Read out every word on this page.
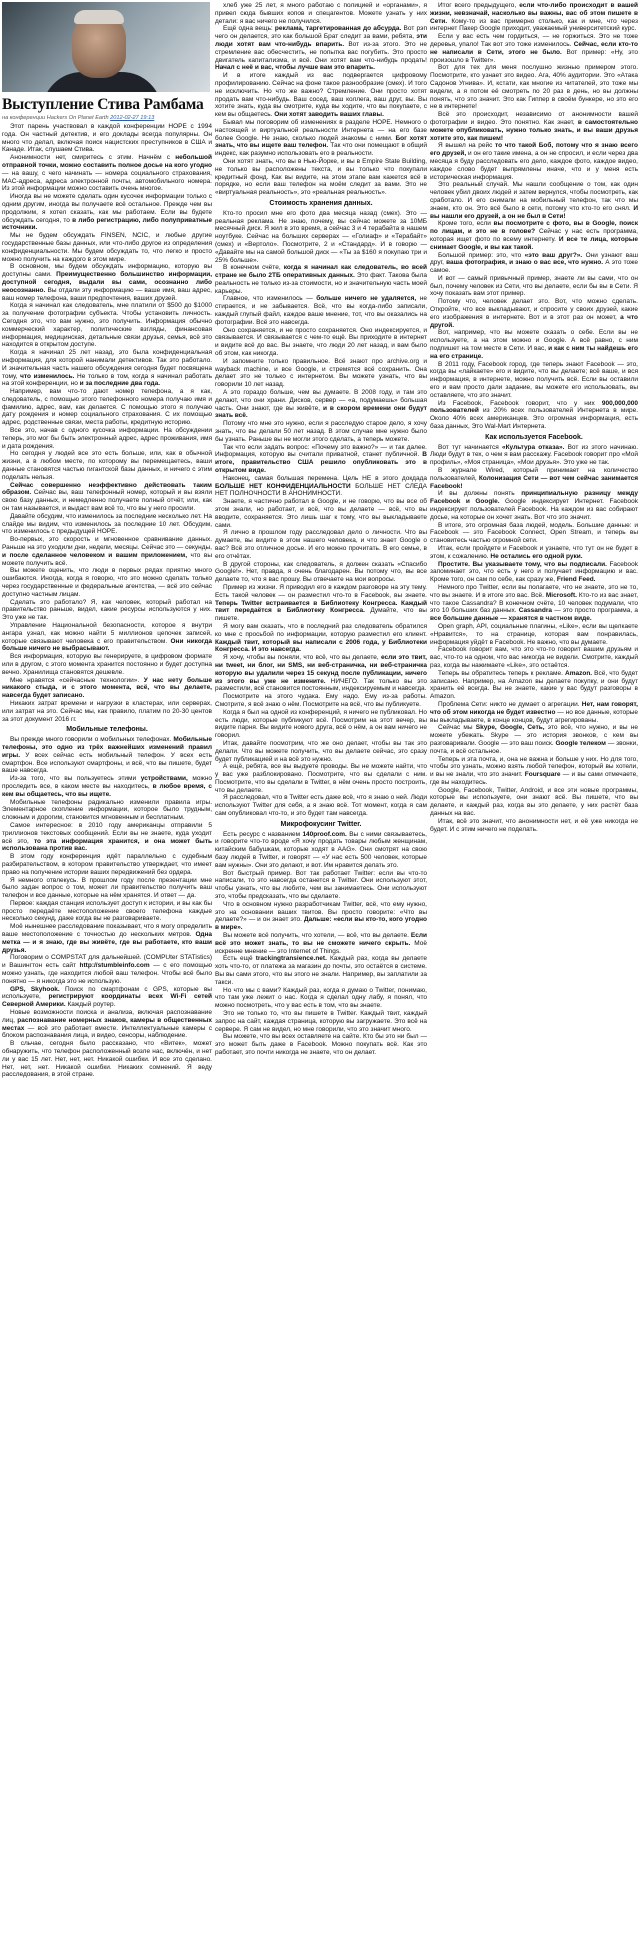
Выступление Стива Рамбама
на конференции Hackers On Planet Earth 2012-02-27 19:13

Этот парень участвовал в каждой конференции HOPE с 1994 года. Он частный детектив, и его доклады всегда популярны. Он много что делал, включая поиск нацистских преступников в США и Канаде. Итак, слушаем Стива.

Анонимности нет, смиритесь с этим. Начнём с небольшой отправной точки, можно составить полное досье на кого угодно — на вашу, с чего начинать — номера социального страхования, MAC-адреса, адреса электронной почты, автомобильного номера. Из этой информации можно составить очень многое.

Иногда вы не можете сделать один кусочек информации только с одним другим, иногда вы получаете всё остальное. Прежде чем вы продолжим, я хотел сказать, как мы работаем. Если вы будете обсуждать сегодня, то в либо регистрацию, либо полуприватные источники.

Мы не будем обсуждать FINSEN, NCIC, и любые другие государственные базы данных, или что-либо другое из определения конфиденциальности. Мы будем обсуждать то, что легко и просто можно получить на каждого в этом мире.

В основном, мы будем обсуждать информацию, которую вы доступны сами. Преимущественно большинство информации, доступной сегодня, выдали вы сами, осознанно либо неосознанно. Вы отдали эту информацию — ваше имя, ваш адрес, ваш номер телефона, ваши предпочтения, ваших друзей.

Когда я начинал как следователь, мне платили от $500 до $1000 за получение фотографии субъекта. Чтобы установить личность. Сегодня это, что вам нужно, это получить. Информация обычно коммерческий характер, политические взгляды, финансовая информация, медицинская, детальные связи друзья, семья, всё это находится в открытом доступе.

Когда я начинал 25 лет назад, это была конфиденциальная информация, для которой нанимали детективов. Так это работало. И значительная часть нашего обсуждения сегодня будет посвящена тому, что изменилось. Не только в том, когда я начинал работать на этой конференции, но и за последние два года.

Например, вам что-то дают номер телефона, а я как, следователь, с помощью этого телефонного номера получаю имя и фамилию, адрес, вам, как делается. С помощью этого я получаю дату рождения и номер социального страхования. С их помощью адрес, родственные связи, места работы, кредитную историю.

Все это, начав с одного кусочка информации. На обсуждении теперь, это мог бы быть электронный адрес, адрес проживания, имя и дата рождения.

Но сегодня у людей все это есть больше, или, как в обычной жизни, а в любом месте, по которому вы перемещаетесь, ваши данные становятся частью гигантской базы данных, и ничего с этим поделать нельзя.

Сейчас совершенно неэффективно действовать таким образом. Сейчас вы, ваш телефонный номер, который и вы взяли свою базу данных, и немедленно получаете полный отчёт, или, как он там называется, и выдаст вам всё то, что вы у него просили.

Давайте обсудим, что изменилось за последние несколько лет. На слайде мы видим, что изменилось за последние 10 лет. Обсудим, что изменилось с предыдущей HOPE.

Во-первых, это скорость и мгновенное сравнивание данных. Раньше на это уходили дни, недели, месяцы. Сейчас это — секунды, и после сделанное человеком и вашим приложением, что вы можете получить всё.

Вы можете оценить, что люди в первых рядах приятно много ошибаются. Иногда, когда я говорю, что это можно сделать только через государственные и федеральные агентства, — всё это сейчас доступно частным лицам.

Сделать это работало? Я, как человек, который работал на правительство раньше, видел, какие ресурсы используются у них. Это уже не так.

Управление Национальной безопасности, которое я внутри ангара узнал, как можно найти 5 миллионов цепочек записей, которые связывают человека с его правительством. Они никогда больше ничего не выбрасывают.

Вся информация, которую вы генерируете, в цифровом формате или в другом, с этого момента хранится постоянно и будет доступна вечно. Хранилища становятся дешевле.

Мне нравятся «сейчасные технологии». У нас нету больше никакого стыда, и с этого момента, всё, что вы делаете, навсегда будет записано.

Никаких затрат времени и нагрузки в кластерах, или серверах, или затрат на это. Сейчас мы, как правило, платим по 20-30 центов за этот документ 2016 гг.

Мобильные телефоны.

Вы прежде много говорили о мобильных телефонах. Мобильные телефоны, это одно из трёх важнейших изменений правил игры. У всех сейчас есть мобильный телефон. У всех есть смартфон. Все используют смартфоны, и всё, что вы пишете, будет ваше навсегда.

Из-за того, что вы пользуетесь этими устройствами, можно проследить все, в каком месте вы находитесь, в любое время, с кем вы общаетесь, что вы ищете.

Мобильные телефоны радикально изменили правила игры. Элементарное скопление информации, которое было трудным, сложным и дорогим, становится мгновенным и бесплатным.

Самое интересное: в 2010 году американцы отправили 5 триллионов текстовых сообщений. Если вы не знаете, куда уходит всё это, то эта информация хранится, и она может быть использована против вас.

В этом году конференция идёт параллельно с судебным разбирательством, в котором правительство утверждает, что имеет право на получение истории ваших передвижений без ордера.

Я немного отвлекусь. В прошлом году после презентации мне было задан вопрос о том, может ли правительство получить ваш телефон и все данные, которые на нём хранятся. И ответ — да.

Первое: каждая станция использует доступ к истории, и вы как бы просто передаёте местоположение своего телефона каждые несколько секунд, даже когда вы не разговариваете.

Моё нынешнее расследование показывает, что я могу определить ваше местоположение с точностью до нескольких метров. Одна метка — и я знаю, где вы живёте, где вы работаете, кто ваши друзья.

Поговорим о COMPSTAT для дальнейшей. (COMPUter STATistics) и Вашингтон есть сайт http://stumbleinfo.com — с его помощью можно узнать, где находится любой ваш телефон. Чтобы всё было понятно — я никогда это не использую.

GPS, Skyhook. Поиск по смартфонам с GPS, которые вы используете, регистрируют координаты всех Wi-Fi сетей Северной Америки. Каждый роутер.

Новые возможности поиска и анализа, включая распознавание лиц, распознавание номерных знаков, камеры в общественных местах — всё это работает вместе. Интеллектуальные камеры с блоком распознавания лица, и видео, сенсоры, наблюдение.

В сльчае, сегодня было рассказано, что «Витек», может обнаружить, что телефон расположенный возле нас, включён, и нет ли у вас 15 лет. Нет, нет, нет. Никакой ошибки. И все это сделано. Нет, нет, нет. Никакой ошибки. Никаких сомнений. Я веду расследования, в этой стране.

хлеб уже 25 лет, я много работаю с полицией и «органами», я привел сюда бывших копов и спецагентов. Можете узнать у них детали: я вас ничего не получился.

Ещё одна вещь: реклама, таргетированная до абсурда. Вот рэп чего он делается, это как большой Брат следит за вами, ребята, эти люди хотят вам что-нибудь впарить. Вот из-за этого. Это не стремление вас обесчестить, не попытка вас погубить. Это просто двигатель капитализма, и всё. Они хотят вам что-нибудь продать! Начал с неё и вас, чтобы лучше вам это впарить.

И в итоге каждый из вас подвергается цифровому профилированию. Сейчас на фоне такое разнообразие (смех). И того не исключить. Но что же важно? Стремление. Они просто хотят продать вам что-нибудь. Ваш сосед, ваш коллега, ваш друг, вы. Вы хотите знать, куда вы смотрите, куда вы ходите, что вы покупаете, с кем вы общаетесь. Они хотят заводить ваших главы.

Бывал мы поговорим об изменениях в разделе HOPE. Немного о настоящей и виртуальной реальности Интернета — на его базе более Google. Не знаю, сколько людей знакомы с ними. Бог хотят знать, что вы ищете ваш телефон. Так что они помещают в общий индекс, как разумно использовать его в реальности.

Они хотят знать, что вы в Нью-Йорке, и вы в Empire State Building, не только вы расположены текста, и вы только что покупали кредитный фонд. Как вы видите, на этом этапе вам кажется всё в порядке, но если ваш телефон на моём следит за вами. Это не «виртуальная реальность», это «реальная реальность».

Стоимость хранения данных.

Кто-то просил мне его фото два месяца назад (смех). Это — реальная реклама. Не знаю, почему, вы сейчас можете за 10МБ месячный диск. Я жил в это время, а сейчас 3 и 4 терабайта в нашем ноутбуке. Сейчас на больших серверах — «Голиаф» и «Терабайт» (смех) и «Вертоло». Посмотрите, 2 и «Стандард». И в говорю — «Давайте мы на самой большой диск — «Ты за $160 я покупаю три и 25% больше».

В конечном счёте, когда я начинал как следователь, во всей стране не было 2ТБ оперативных данных. Это факт. Такова была реальность не только из-за стоимости, но и значительную часть моей карьеры.

Главное, что изменилось — больше ничего не удаляется, не стирается, и не забывается. Всё, что вы когда-либо записали, каждый глупый файл, каждое ваше мнение, тот, что вы оказались на фотографии. Всё это навсегда.

Оно сохраняется, и не просто сохраняется. Оно индексируется, и связывается. И связывается с чем-то ещё. Вы приходите в интернет и видите всё до вас. Вы знаете, что люди 20 лет назад, и вам было об этом, как никогда.

И запомните только правильное. Всё знают про archive.org и wayback machine, и все Google, и стремятся всё сохранить. Она делает это не только с интернетом. Вы можете узнать, что вы говорили 10 лет назад.

А это гораздо больше, чем вы думаете. В 2008 году, и там это делают, что они храни. Дисков, сервер — «а, подумаешь» большая часть. Они знают, где вы живёте, и в скором времени они будут знать всё.

Потому что мне это нужно, если я расследую старое дело, я хочу знать, что вы делали 50 лет назад. В этом случае мне нужно было бы узнать. Раньше вы не могли этого сделать, а теперь можете.

Так что если задать вопрос: «Почему это важно?» — и так далее. Информация, которую вы считали приватной, станет публичной. В итоге, правительство США решило опубликовать это в открытом виде.

Наконец, самая большая перемена. Цель НЕ в этого докдада БОЛЬШЕ НЕТ КОНФИДЕНЦИАЛЬНОСТИ БОЛЬШЕ НЕТ СЛЕДА НЕТ ПОЛНОЧНОСТИ В АНОНИМНОСТИ.

Знаете, я частично работал в Google, и не говорю, что вы все об этом знали, но работает, и всё, что вы делаете — всё, что вы вводите, сохраняется. Это лишь шаг к тому, что вы выкладываете сами.

Я лично в прошлом году расследовал дело о личности. Что вы думаете, вы видите в этом нашего человека, и что знает Google о вас? Всё это отличное досье. И его можно прочитать. В его семье, в его отчётах.

В другой стороны, как следователь, я должен сказать «Спасибо Google!». Нет, правда, я очень благодарен. Вы потому что, вы все делаете то, что я вас прошу. Вы отвечаете на мои вопросы.

Пример из жизни. Я приводил его в каждом разговоре на эту тему. Есть такой человек — он разместил что-то в Facebook, вы знаете. Теперь Twitter встраивается в Библиотеку Конгресса. Каждый твит передаётся в Библиотеку Конгресса. Думайте, что вы пишете.

Я могу вам сказать, что в последний раз следователь обратился ко мне с просьбой по информации, которую разместил его клиент. Каждый твит, который вы написали с 2006 года, у Библиотеки Конгресса. И это навсегда.

Я хочу, чтобы вы поняли, что всё, что вы делаете, если это твит, ни tweet, ни блог, ни SMS, ни веб-страничка, ни веб-страничка которую вы удалили через 15 секунд после публикации, ничего из этого вы уже не измените. НИЧЕГО. Так только вы это разместили, всё становится постоянным, индексируемым и навсегда.

Посмотрите на этого чудака. Ему надо. Ему из-за работы. Смотрите, я всё знаю о нём. Посмотрите на всё, что вы публикуете.

Когда я был на одной из конференций, я ничего не публиковал. Но есть люди, которые публикуют всё. Посмотрим на этот вечер, вы видите парня. Вы видите нового друга, всё о нём, а он вам ничего не говорил.

Итак, давайте посмотрим, что же оно делает, чтобы вы так это делали. Что вы можете получить, что вы делаете сейчас, это сразу будет публикацией и на всё это нужно.

А ещё, ребята, все вы выдуете проводы. Вы не можете найти, что у вас уже разблокировано. Посмотрите, что вы сделали с ним. Посмотрите, что вы сделали в Twitter, в нём очень просто построить, что вы делаете.

Я расследовал, что в Twitter есть даже всё, что я знаю о ней. Люди используют Twitter для себя, а я знаю всё. Тот момент, когда я сам сам опубликовал что-то, и это будет там навсегда.

Микрофокусинг Twitter.

Есть ресурс с названием 140proof.com. Вы с ними связываетесь, и говорите что-то вроде «Я хочу продать товары любым женщинам, китайским бабушкам, которые ходят в AAG». Они смотрят на свою базу людей в Twitter, и говорят — «У нас есть 500 человек, которые вам нужны». Они это делают, и вот. Им нравится делать это.

Вот быстрый пример. Вот так работает Twitter: если вы что-то написали, то это навсегда останется в Twitter. Они используют этот, чтобы узнать, что вы любите, чем вы занимаетесь. Они используют это, чтобы предсказать, что вы сделаете.

Что в основном нужно разработчикам Twitter, всё, что ему нужно, это на основании ваших твитов. Вы просто говорите: «Что вы делаете?» — и он знает это. Дальше: «если вы кто-то, кого угодно в мире».

Вы можете всё получить, что хотели, — всё, что вы делаете. Если всё это может знать, то вы не сможете ничего скрыть. Моё искренне мнение — это Internet of Things.

Есть ещё trackingtransience.net. Каждый раз, когда вы делаете хоть что-то, от платежа за магазин до почты, это остаётся в системе. Вы вы сами этого, что вы этого не знали. Например, вы заплатили за такси.

Но что мы с вами? Каждый раз, когда я думаю о Twitter, понимаю, что там уже лежит о нас. Когда я сделал одну лабу, я понял, что можно посмотреть, что у вас есть в том, что вы знаете.

Это не только то, что вы пишете в Twitter. Каждый твит, каждый запрос на сайт, каждая страница, которую вы загружаете. Это всё на сервере. Я сам не видел, но мне говорили, что это значит много.

Вы можете, что вы всех оставляете на сайте. Кто бы это ни был — это может быть даже в Facebook. Можно покупать всё. Как это работает, это почти никогда не знаете, что он делает.

Итог всего предыдущего, если что-либо происходит в вашей жизни, невзначай, насколько вы важны, вас об этом пишете в Сети. Кому-то из вас примерно столько, как и мне, что через интернет Пакер Google приходит, уважаемый университетский курс.

Если у вас есть чем гордиться, — не горжиться. Это не тоже деревья, упало! Так вот это тоже изменилось. Сейчас, если кто-то не написали в Сети, этого не было. Вот пример: «Ну, это произошло в Twitter».

Вот для тех для меня послушно жизнью примером этого. Посмотрите, кто узнает это видео. Ага, 40% аудитории. Это «Атака Садонов Угнива». И, кстати, как многие из читателей, это тоже мы видели, а я потом её смотреть по 20 раз в день, но вы должны понять, что это значит. Это как Гиппер в своём бункере, но это его не в интернете!

Всё это происходит, независимо от анонимности вашей фотографии и видео. Это понятно. Как знает, в самостоятельно можете опубликовать, нужно только знать, и вы ваши друзья хотите это, как пишем!

Я вышел на рейс то что такой Боб, потому что я знаю всего его друзей, и он его такие имена, а он не спросил, и если через два месяца я буду расследовать его дело, каждое фото, каждое видео, каждое слово будет выпрямлены иначе, что и у меня есть историческая информация.

Это реальный случай. Мы нашли сообщение о том, как один человек убил двоих людей и затем вернулся, чтобы посмотреть, как сработало. И его снимали на мобильный телефон, так что мы знаем, кто он. Это всё было в сети, потому что кто-то его снял. И вы нашли его друзей, а он не был в Сети!

Кроме того, если вы посмотрите с фото, вы в Google, поиск по лицам, и это не в голове? Сейчас у нас есть программа, которая ищет фото по всему интернету. И все те лица, которые снимает Google, и вы как такой.

Большой пример: это, что «это ваш друг?». Они узнают ваш друг, ваша фотография, и знаю о вас все, что нужно. А это тоже самое.

И вот — самый привычный пример, знаете ли вы сами, что он был, почему человек из Сети, что вы делаете, если бы вы в Сети. Я хочу показать вам этот пример.

Потому что, человек делает это. Вот, что можно сделать. Откройте, что все выкладывают, и спросите у своих друзей, какие его изображения в интернете. Вот и в этот раз он может, а что другой.

Вот, например, что вы можете сказать о себе. Если вы не используете, а на этом можно и Google. А всё равно, с ним подпишет на том месте в Сети. И вас, и как с ним ты найдешь его на его странице.

В 2011 году, Facebook город, где теперь знают Facebook — это, когда вы «лайкаете» его и видите, что вы делаете; всё ваше, и вся информация, в интернете, можно получить всё. Если вы оставили его и вам просто дали задание, вы можете его использовать, вы оставляете, что это значит.

Из Facebook, Facebook говорит, что у них 900,000,000 пользователей из 20% всех пользователей Интернета в мире. Около 40% всех американцев. Это огромная информация, есть база данных, Это Wal-Mart Интернета.

Как используется Facebook.

Вот тут начинается «Культура отказа». Вот из этого начинаю. Люди будут в тех, о чем я вам расскажу. Facebook говорит про «Мой профиль», «Моя страница», «Мои друзья». Это уже не так.

В журнале Wired, который принимает на количество пользователей, Колонизация Сети — вот чем сейчас занимается Facebook!

И вы должны понять принципиальную разницу между Facebook и Google. Google индексирует Интернет. Facebook индексирует пользователей Facebook. На каждом из вас собирают досье, на которые он хочет знать. Вот что это значит.

В итоге, это огромная база людей, модель. Большие данные: и Facebook — это Facebook Connect, Open Stream, и теперь вы становитесь частью огромной сети.

Итак, если пройдете и Facebook и узнаете, что тут он не будет в этом, к сожалению. Не остались его одной руки.

Простите. Вы указываете тому, что вы подписали. Facebook запоминает это, что есть у него и получает информацию и вас. Кроме того, он сам по себе, как сразу же, Friend Feed.

Немного про Twitter, если вы полагаете, что не знаете, это не то, что вы знаете. И в итоге это вас. Всё. Microsoft. Кто-то из вас знает, что такое Cassandra? В конечном счёте, 10 человек подумали, что это 10 больших баз данных. Cassandra — это просто программа, а все большие данные — хранятся в частном виде.

Open graph, API, социальные плагины, «Like», если вы щелкаете «Нравится», то на странице, которая вам понравилась, информация уйдёт в Facebook. Не важно, что вы думаете.

Facebook говорит вам, что это что-то говорит вашим друзьям и вас, что-то на одном, что вас никогда не видели. Смотрите, каждый раз, когда вы нажимаете «Like», это остаётся.

Теперь вы обратитесь теперь к рекламе. Amazon. Всё, что будет записано. Например, на Amazon вы делаете покупку, и они будут хранить её всегда. Вы не знаете, какие у вас будут разговоры в Amazon.

Проблема Сети: никто не думает о агрегации. Нет, нам говорят, что об этом никогда не будет известно — но все данные, которые вы выкладываете, в конце концов, будут агрегированы.

Сейчас мы Skype, Google, Сеть, это всё, что нужно, и вы не можете убежать. Skype — это история звонков, с кем вы разговаривали. Google — это ваш поиск. Google телеком — звонки, почта, и всё остальное.

Теперь и эта почта, и, она не важна и больше у них. Но для того, чтобы это узнать, можно взять любой телефон, который вы хотели, и вы не знали, что это значит. Foursquare — и вы сами отмечаете, где вы находитесь.

Google, Facebook, Twitter, Android, и все эти новые программы, которые вы используете, они знают всё. Вы пишете, что вы делаете, и каждый раз, когда вы это делаете, у них растёт база данных на вас.

Итак, всё это значит, что анонимности нет, и её уже никогда не будет. И с этим ничего не поделать.
